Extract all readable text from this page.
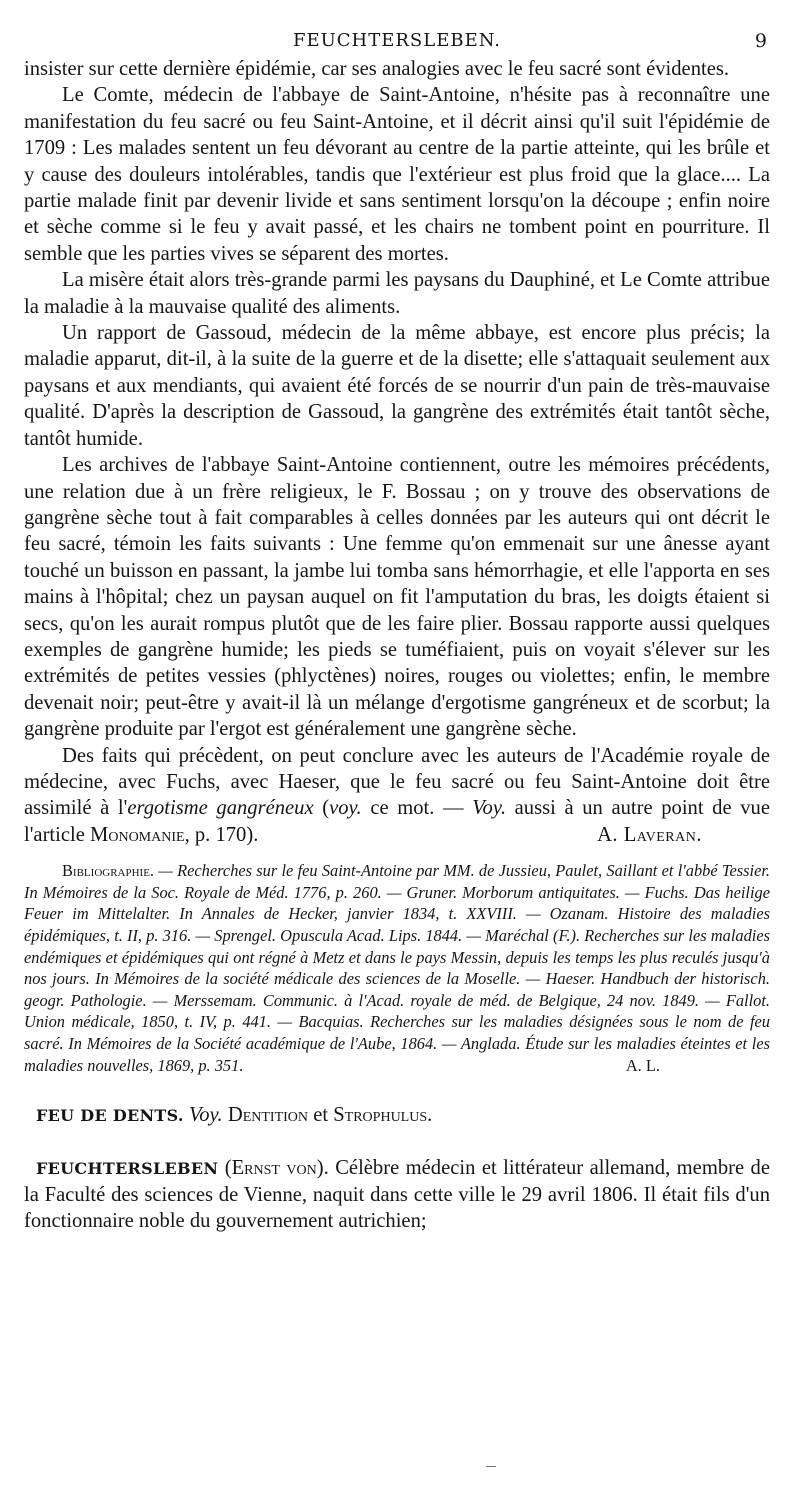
FEUCHTERSLEBEN.	9

insister sur cette dernière épidémie, car ses analogies avec le feu sacré sont évidentes.

Le Comte, médecin de l'abbaye de Saint-Antoine, n'hésite pas à reconnaître une manifestation du feu sacré ou feu Saint-Antoine, et il décrit ainsi qu'il suit l'épidémie de 1709 : Les malades sentent un feu dévorant au centre de la partie atteinte, qui les brûle et y cause des douleurs intolérables, tandis que l'extérieur est plus froid que la glace.... La partie malade finit par devenir livide et sans sentiment lorsqu'on la découpe ; enfin noire et sèche comme si le feu y avait passé, et les chairs ne tombent point en pourriture. Il semble que les parties vives se séparent des mortes.

La misère était alors très-grande parmi les paysans du Dauphiné, et Le Comte attribue la maladie à la mauvaise qualité des aliments.

Un rapport de Gassoud, médecin de la même abbaye, est encore plus précis; la maladie apparut, dit-il, à la suite de la guerre et de la disette; elle s'attaquait seulement aux paysans et aux mendiants, qui avaient été forcés de se nourrir d'un pain de très-mauvaise qualité. D'après la description de Gassoud, la gangrène des extrémités était tantôt sèche, tantôt humide.

Les archives de l'abbaye Saint-Antoine contiennent, outre les mémoires précédents, une relation due à un frère religieux, le F. Bossau ; on y trouve des observations de gangrène sèche tout à fait comparables à celles données par les auteurs qui ont décrit le feu sacré, témoin les faits suivants : Une femme qu'on emmenait sur une ânesse ayant touché un buisson en passant, la jambe lui tomba sans hémorrhagie, et elle l'apporta en ses mains à l'hôpital; chez un paysan auquel on fit l'amputation du bras, les doigts étaient si secs, qu'on les aurait rompus plutôt que de les faire plier. Bossau rapporte aussi quelques exemples de gangrène humide; les pieds se tuméfiaient, puis on voyait s'élever sur les extrémités de petites vessies (phlyctènes) noires, rouges ou violettes; enfin, le membre devenait noir; peut-être y avait-il là un mélange d'ergotisme gangréneux et de scorbut; la gangrène produite par l'ergot est généralement une gangrène sèche.

Des faits qui précèdent, on peut conclure avec les auteurs de l'Académie royale de médecine, avec Fuchs, avec Haeser, que le feu sacré ou feu Saint-Antoine doit être assimilé à l'ergotisme gangréneux (voy. ce mot. — Voy. aussi à un autre point de vue l'article Monomanie, p. 170).	A. Laveran.

Bibliographie. — Recherches sur le feu Saint-Antoine par MM. de Jussieu, Paulet, Saillant et l'abbé Tessier. In Mémoires de la Soc. Royale de Méd. 1776, p. 260. — Gruner. Morborum antiquitates. — Fuchs. Das heilige Feuer im Mittelalter. In Annales de Hecker, janvier 1834, t. XXVIII. — Ozanam. Histoire des maladies épidémiques, t. II, p. 316. — Sprengel. Opuscula Acad. Lips. 1844. — Maréchal (F.). Recherches sur les maladies endémiques et épidémiques qui ont régné à Metz et dans le pays Messin, depuis les temps les plus reculés jusqu'à nos jours. In Mémoires de la société médicale des sciences de la Moselle. — Haeser. Handbuch der historisch. geogr. Pathologie. — Merssemam. Communic. à l'Acad. royale de méd. de Belgique, 24 nov. 1849. — Fallot. Union médicale, 1850, t. IV, p. 441. — Bacquias. Recherches sur les maladies désignées sous le nom de feu sacré. In Mémoires de la Société académique de l'Aube, 1864. — Anglada. Étude sur les maladies éteintes et les maladies nouvelles, 1869, p. 351.	A. L.
FEU DE DENTS. Voy. Dentition et Strophulus.
FEUCHTERSLEBEN (Ernst von). Célèbre médecin et littérateur allemand, membre de la Faculté des sciences de Vienne, naquit dans cette ville le 29 avril 1806. Il était fils d'un fonctionnaire noble du gouvernement autrichien;
